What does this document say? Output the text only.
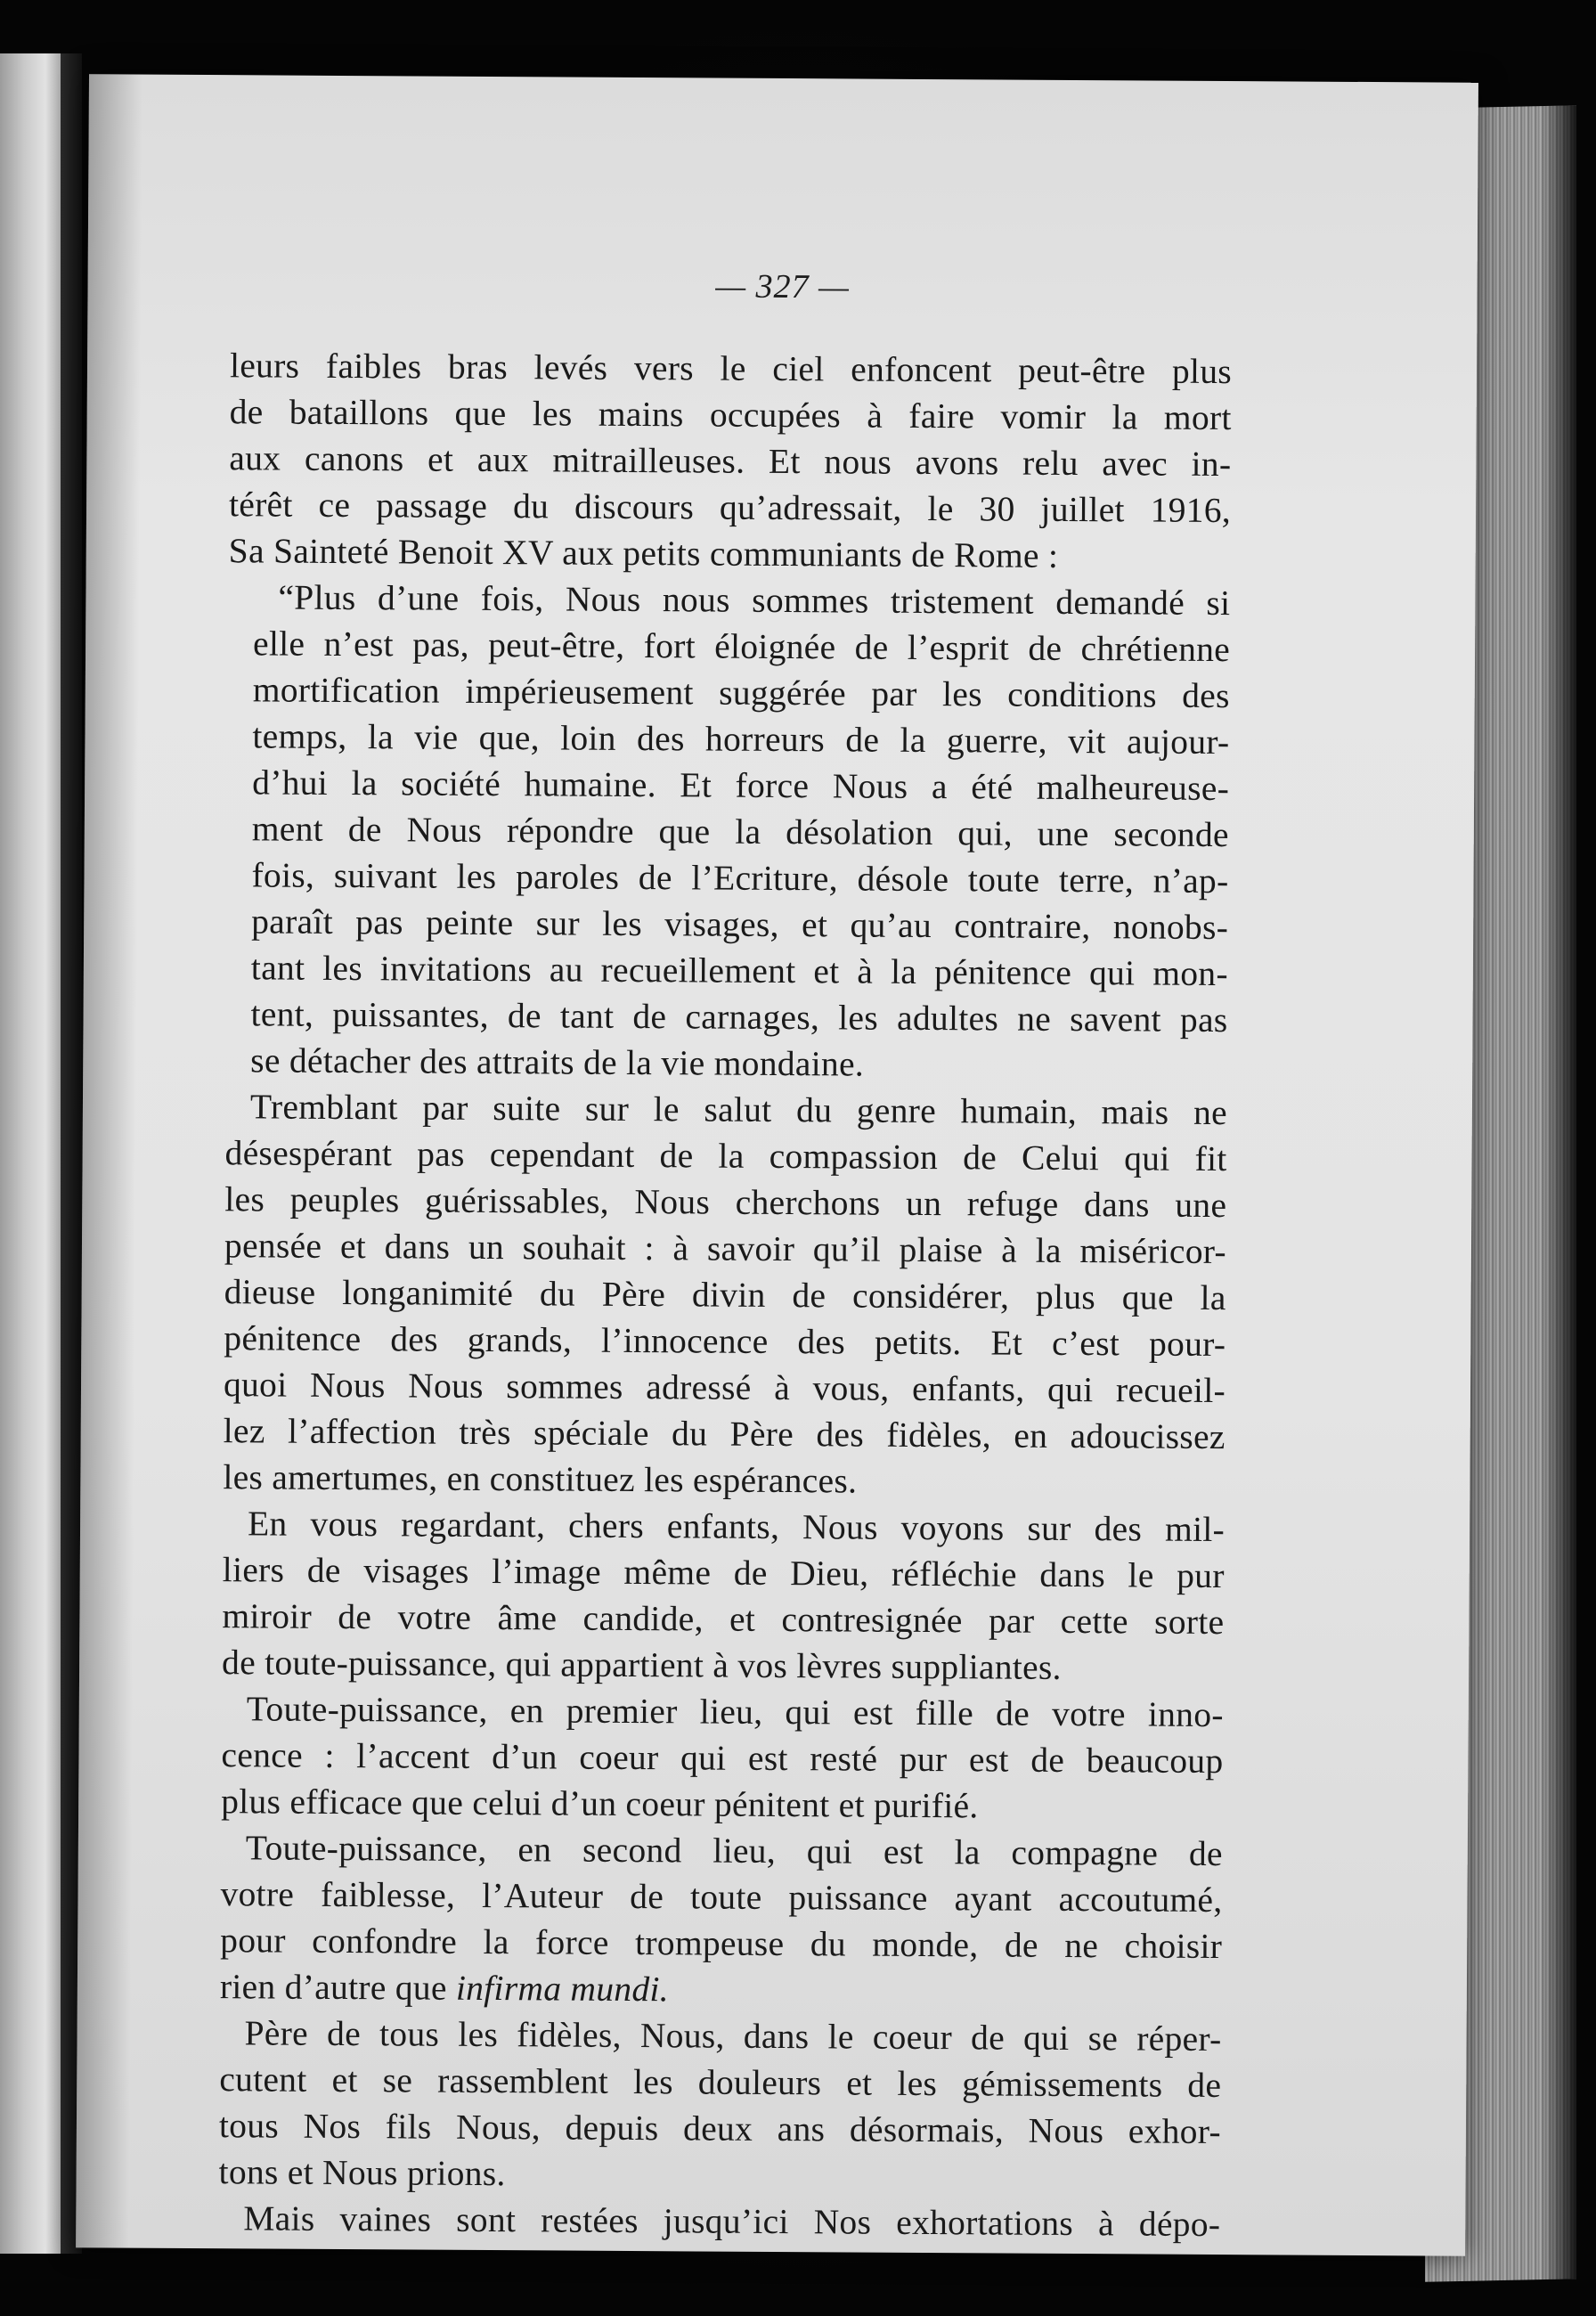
— 327 —

leurs faibles bras levés vers le ciel enfoncent peut-être plus
de bataillons que les mains occupées à faire vomir la mort
aux canons et aux mitrailleuses. Et nous avons relu avec in-
térêt ce passage du discours qu’adressait, le 30 juillet 1916,
Sa Sainteté Benoit XV aux petits communiants de Rome :

“Plus d’une fois, Nous nous sommes tristement demandé si
elle n’est pas, peut-être, fort éloignée de l’esprit de chrétienne
mortification impérieusement suggérée par les conditions des
temps, la vie que, loin des horreurs de la guerre, vit aujour-
d’hui la société humaine. Et force Nous a été malheureuse-
ment de Nous répondre que la désolation qui, une seconde
fois, suivant les paroles de l’Ecriture, désole toute terre, n’ap-
paraît pas peinte sur les visages, et qu’au contraire, nonobs-
tant les invitations au recueillement et à la pénitence qui mon-
tent, puissantes, de tant de carnages, les adultes ne savent pas
se détacher des attraits de la vie mondaine.

Tremblant par suite sur le salut du genre humain, mais ne
désespérant pas cependant de la compassion de Celui qui fit
les peuples guérissables, Nous cherchons un refuge dans une
pensée et dans un souhait : à savoir qu’il plaise à la miséricor-
dieuse longanimité du Père divin de considérer, plus que la
pénitence des grands, l’innocence des petits. Et c’est pour-
quoi Nous Nous sommes adressé à vous, enfants, qui recueil-
lez l’affection très spéciale du Père des fidèles, en adoucissez
les amertumes, en constituez les espérances.

En vous regardant, chers enfants, Nous voyons sur des mil-
liers de visages l’image même de Dieu, réfléchie dans le pur
miroir de votre âme candide, et contresignée par cette sorte
de toute-puissance, qui appartient à vos lèvres suppliantes.

Toute-puissance, en premier lieu, qui est fille de votre inno-
cence : l’accent d’un coeur qui est resté pur est de beaucoup
plus efficace que celui d’un coeur pénitent et purifié.

Toute-puissance, en second lieu, qui est la compagne de
votre faiblesse, l’Auteur de toute puissance ayant accoutumé,
pour confondre la force trompeuse du monde, de ne choisir
rien d’autre que infirma mundi.

Père de tous les fidèles, Nous, dans le coeur de qui se réper-
cutent et se rassemblent les douleurs et les gémissements de
tous Nos fils Nous, depuis deux ans désormais, Nous exhor-
tons et Nous prions.

Mais vaines sont restées jusqu’ici Nos exhortations à dépo-
